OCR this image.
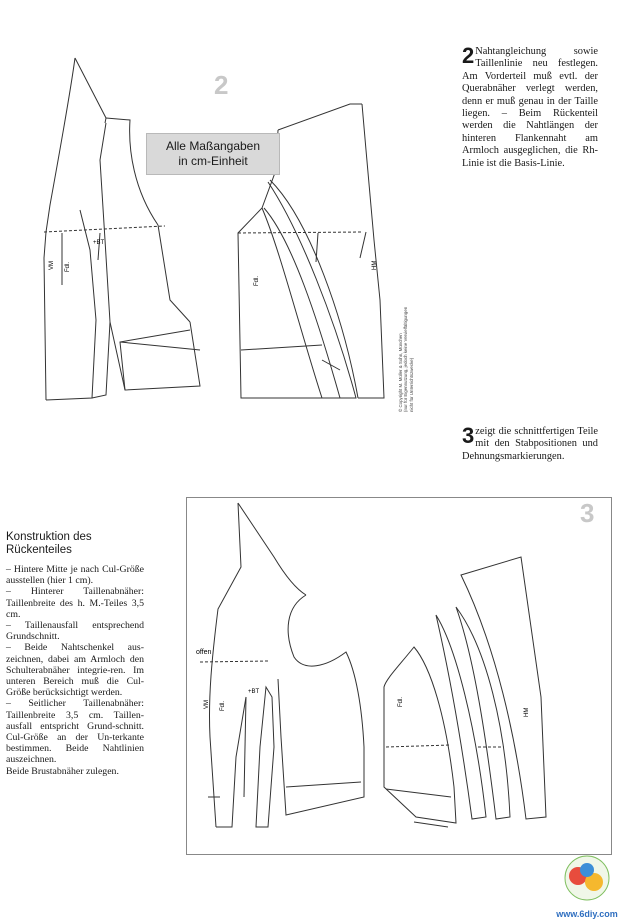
2
VM Fdl.
+BT
Fdl.
HM
Alle Maßangaben
in cm-Einheit
© Copyright M. Müller & Sohn, München (nur für Eigennutzung, jedoch keine Vervielfältigungen nicht für Unterrichtszwecke)
2 Nahtangleichung sowie Taillenlinie neu festlegen. Am Vorderteil muß evtl. der Querabnäher verlegt werden, denn er muß genau in der Taille liegen. – Beim Rückenteil werden die Nahtlängen der hinteren Flankennaht am Armloch ausgeglichen, die Rh-Linie ist die Basis-Linie.
3 zeigt die schnittfertigen Teile mit den Stabpositionen und Dehnungsmarkierungen.
Konstruktion des
Rückenteiles
– Hintere Mitte je nach Cul-Größe ausstellen (hier 1 cm).
– Hinterer Taillenabnäher: Taillenbreite des h. M.-Teiles 3,5 cm.
– Taillenausfall entsprechend Grundschnitt.
– Beide Nahtschenkel aus-zeichnen, dabei am Armloch den Schulterabnäher integrie-ren. Im unteren Bereich muß die Cul-Größe berücksichtigt werden.
– Seitlicher Taillenabnäher: Taillenbreite 3,5 cm. Taillen-ausfall entspricht Grund-schnitt. Cul-Größe an der Un-terkante bestimmen. Beide Nahtlinien auszeichnen.
Beide Brustabnäher zulegen.
offen
VM Fdl.
+BT
Fdl.
HM
3
www.6diy.com
